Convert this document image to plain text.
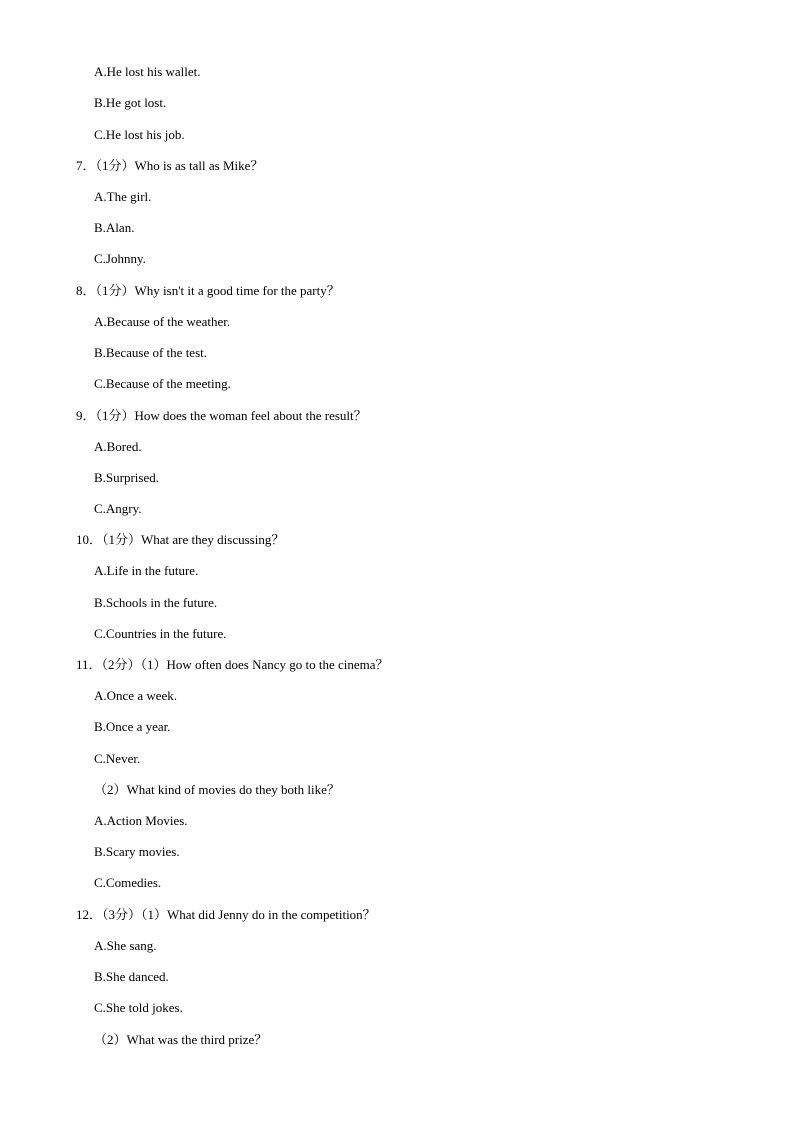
A.He lost his wallet.
B.He got lost.
C.He lost his job.
7．（1分）Who is as tall as Mike？
A.The girl.
B.Alan.
C.Johnny.
8．（1分）Why isn't it a good time for the party？
A.Because of the weather.
B.Because of the test.
C.Because of the meeting.
9．（1分）How does the woman feel about the result？
A.Bored.
B.Surprised.
C.Angry.
10．（1分）What are they discussing？
A.Life in the future.
B.Schools in the future.
C.Countries in the future.
11．（2分）（1）How often does Nancy go to the cinema？
A.Once a week.
B.Once a year.
C.Never.
（2）What kind of movies do they both like？
A.Action Movies.
B.Scary movies.
C.Comedies.
12．（3分）（1）What did Jenny do in the competition？
A.She sang.
B.She danced.
C.She told jokes.
（2）What was the third prize？
